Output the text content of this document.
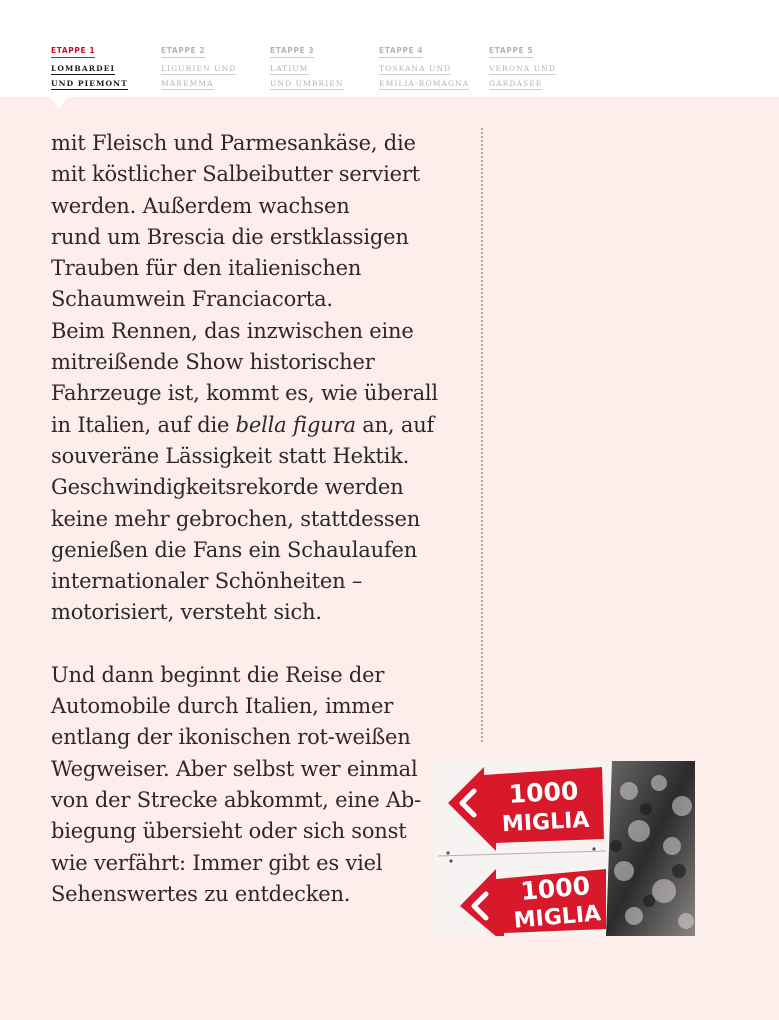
ETAPPE 1
LOMBARDEI
UND PIEMONT
ETAPPE 2
LIGURIEN UND
MAREMMA
ETAPPE 3
LATIUM
UND UMBRIEN
ETAPPE 4
TOSKANA UND
EMILIA-ROMAGNA
ETAPPE 5
VERONA UND
GARDASEE

mit Fleisch und Parmesankäse, die
mit köstlicher Salbeibutter serviert
werden. Außerdem wachsen
rund um Brescia die erstklassigen
Trauben für den italienischen
Schaumwein Franciacorta.
Beim Rennen, das inzwischen eine
mitreißende Show historischer
Fahrzeuge ist, kommt es, wie überall
in Italien, auf die bella figura an, auf
souveräne Lässigkeit statt Hektik.
Geschwindigkeitsrekorde werden
keine mehr gebrochen, stattdessen
genießen die Fans ein Schaulaufen
internationaler Schönheiten –
motorisiert, versteht sich.

Und dann beginnt die Reise der
Automobile durch Italien, immer
entlang der ikonischen rot-weißen
Wegweiser. Aber selbst wer einmal
von der Strecke abkommt, eine Ab-
biegung übersieht oder sich sonst
wie verfährt: Immer gibt es viel
Sehenswertes zu entdecken.

1000
MIGLIA
1000
MIGLIA
